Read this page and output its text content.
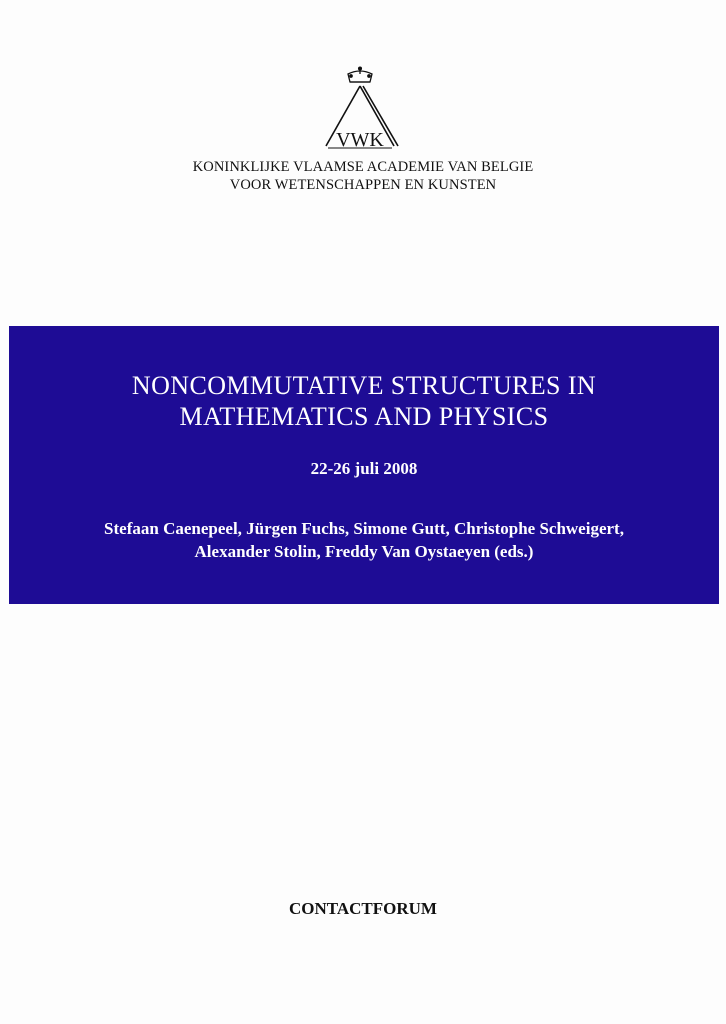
VWK
KONINKLIJKE VLAAMSE ACADEMIE VAN BELGIE
VOOR WETENSCHAPPEN EN KUNSTEN
NONCOMMUTATIVE STRUCTURES IN
MATHEMATICS AND PHYSICS
22-26 juli 2008
Stefaan Caenepeel, Jürgen Fuchs, Simone Gutt, Christophe Schweigert,
Alexander Stolin, Freddy Van Oystaeyen (eds.)
CONTACTFORUM
